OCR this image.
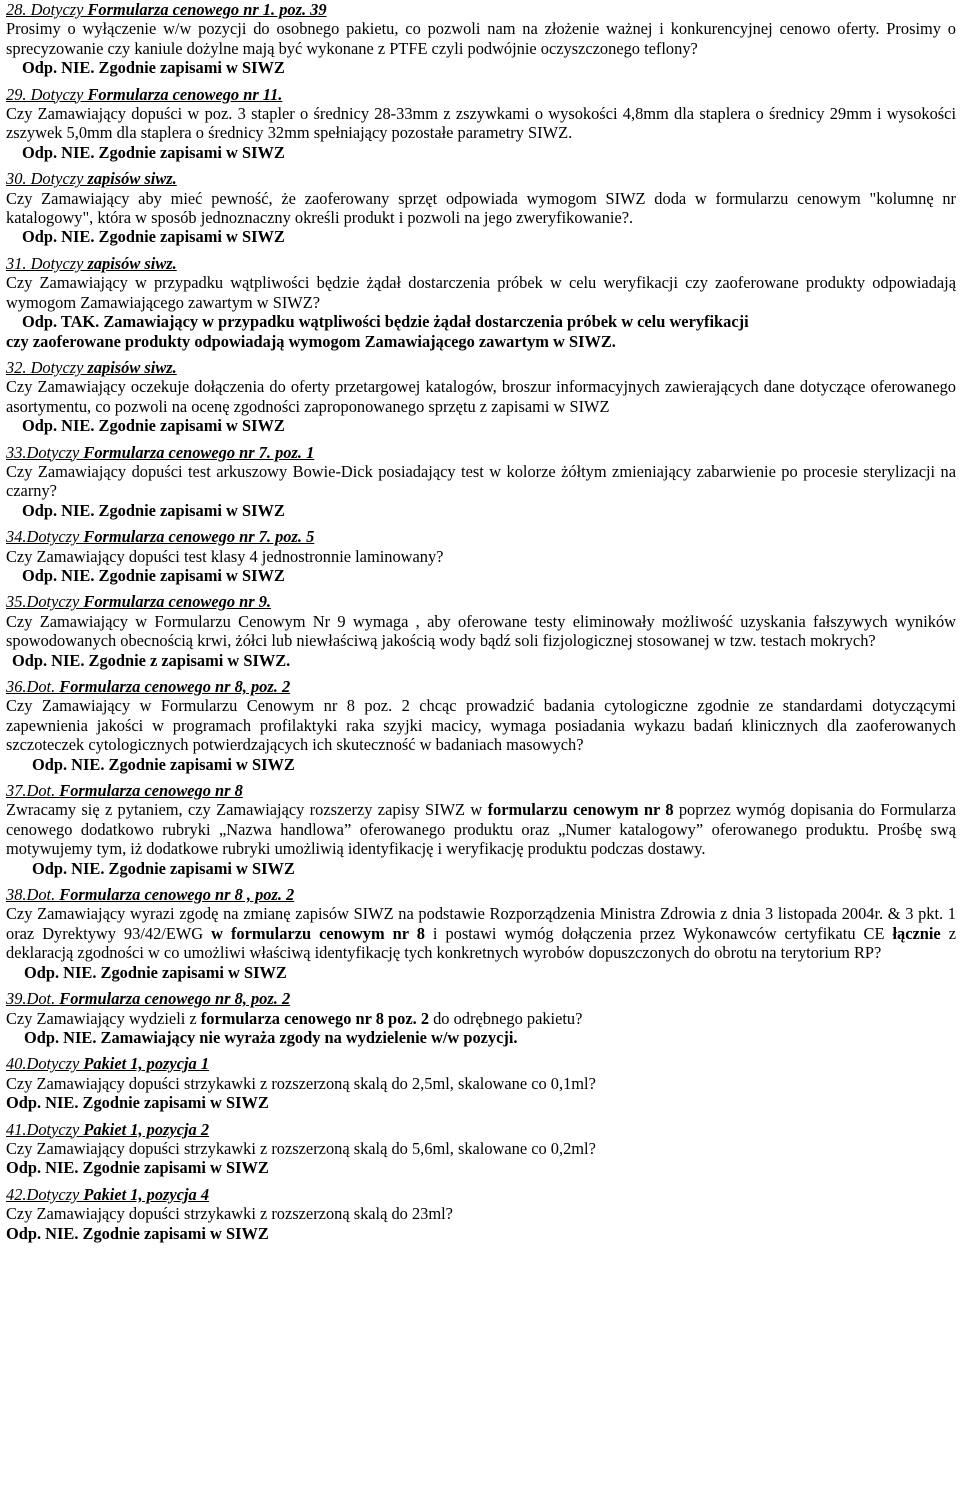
28. Dotyczy Formularza cenowego nr 1. poz. 39

Prosimy o wyłączenie w/w pozycji do osobnego pakietu, co pozwoli nam na złożenie ważnej i konkurencyjnej cenowo oferty. Prosimy o sprecyzowanie czy kaniule dożylne mają być wykonane z PTFE czyli podwójnie oczyszczonego teflony?

Odp. NIE. Zgodnie zapisami w SIWZ

29. Dotyczy Formularza cenowego nr 11.

Czy Zamawiający dopuści w poz. 3 stapler o średnicy 28-33mm z zszywkami o wysokości 4,8mm dla staplera o średnicy 29mm i wysokości zszywek 5,0mm dla staplera o średnicy 32mm spełniający pozostałe parametry SIWZ.

Odp. NIE. Zgodnie zapisami w SIWZ

30. Dotyczy zapisów siwz.

Czy Zamawiający aby mieć pewność, że zaoferowany sprzęt odpowiada wymogom SIWZ doda w formularzu cenowym "kolumnę nr katalogowy", która w sposób jednoznaczny określi produkt i pozwoli na jego zweryfikowanie?.

Odp. NIE. Zgodnie zapisami w SIWZ

31. Dotyczy zapisów siwz.

Czy Zamawiający w przypadku wątpliwości będzie żądał dostarczenia próbek w celu weryfikacji czy zaoferowane produkty odpowiadają wymogom Zamawiającego zawartym w SIWZ?

Odp. TAK. Zamawiający w przypadku wątpliwości będzie żądał dostarczenia próbek w celu weryfikacji

czy zaoferowane produkty odpowiadają wymogom Zamawiającego zawartym w SIWZ.

32. Dotyczy zapisów siwz.

Czy Zamawiający oczekuje dołączenia do oferty przetargowej katalogów, broszur informacyjnych zawierających dane dotyczące oferowanego asortymentu, co pozwoli na ocenę zgodności zaproponowanego sprzętu z zapisami w SIWZ

Odp. NIE. Zgodnie zapisami w SIWZ

33.Dotyczy Formularza cenowego nr 7. poz. 1

Czy Zamawiający dopuści test arkuszowy Bowie-Dick posiadający test w kolorze żółtym zmieniający zabarwienie po procesie sterylizacji na czarny?

Odp. NIE. Zgodnie zapisami w SIWZ

34.Dotyczy Formularza cenowego nr 7. poz. 5

Czy Zamawiający dopuści test klasy 4 jednostronnie laminowany?

Odp. NIE. Zgodnie zapisami w SIWZ

35.Dotyczy Formularza cenowego nr 9.

Czy Zamawiający w Formularzu Cenowym Nr 9 wymaga , aby oferowane testy eliminowały możliwość uzyskania fałszywych wyników spowodowanych obecnością krwi, żółci lub niewłaściwą jakością wody bądź soli fizjologicznej stosowanej w tzw. testach mokrych?

Odp. NIE. Zgodnie z zapisami w SIWZ.

36.Dot. Formularza cenowego nr 8, poz. 2

Czy Zamawiający w Formularzu Cenowym nr 8 poz. 2 chcąc prowadzić badania cytologiczne zgodnie ze standardami dotyczącymi zapewnienia jakości w programach profilaktyki raka szyjki macicy, wymaga posiadania wykazu badań klinicznych dla zaoferowanych szczoteczek cytologicznych potwierdzających ich skuteczność w badaniach masowych?

Odp. NIE. Zgodnie zapisami w SIWZ

37.Dot. Formularza cenowego nr 8

Zwracamy się z pytaniem, czy Zamawiający rozszerzy zapisy SIWZ w formularzu cenowym nr 8 poprzez wymóg dopisania do Formularza cenowego dodatkowo rubryki „Nazwa handlowa” oferowanego produktu oraz „Numer katalogowy” oferowanego produktu. Prośbę swą motywujemy tym, iż dodatkowe rubryki umożliwią identyfikację i weryfikację produktu podczas dostawy.

Odp. NIE. Zgodnie zapisami w SIWZ

38.Dot. Formularza cenowego nr 8 , poz. 2

Czy Zamawiający wyrazi zgodę na zmianę zapisów SIWZ na podstawie Rozporządzenia Ministra Zdrowia z dnia 3 listopada 2004r. & 3 pkt. 1 oraz Dyrektywy 93/42/EWG w formularzu cenowym nr 8 i postawi wymóg dołączenia przez Wykonawców certyfikatu CE łącznie z deklaracją zgodności w co umożliwi właściwą identyfikację tych konkretnych wyrobów dopuszczonych do obrotu na terytorium RP?

Odp. NIE. Zgodnie zapisami w SIWZ

39.Dot. Formularza cenowego nr 8, poz. 2

Czy Zamawiający wydzieli z formularza cenowego nr 8 poz. 2 do odrębnego pakietu?

Odp. NIE. Zamawiający nie wyraża zgody na wydzielenie w/w pozycji.

40.Dotyczy Pakiet 1, pozycja 1

Czy Zamawiający dopuści strzykawki z rozszerzoną skalą do 2,5ml, skalowane co 0,1ml?

Odp. NIE. Zgodnie zapisami w SIWZ

41.Dotyczy Pakiet 1, pozycja 2

Czy Zamawiający dopuści strzykawki z rozszerzoną skalą do 5,6ml, skalowane co 0,2ml?

Odp. NIE. Zgodnie zapisami w SIWZ

42.Dotyczy Pakiet 1, pozycja 4

Czy Zamawiający dopuści strzykawki z rozszerzoną skalą do 23ml?

Odp. NIE. Zgodnie zapisami w SIWZ
